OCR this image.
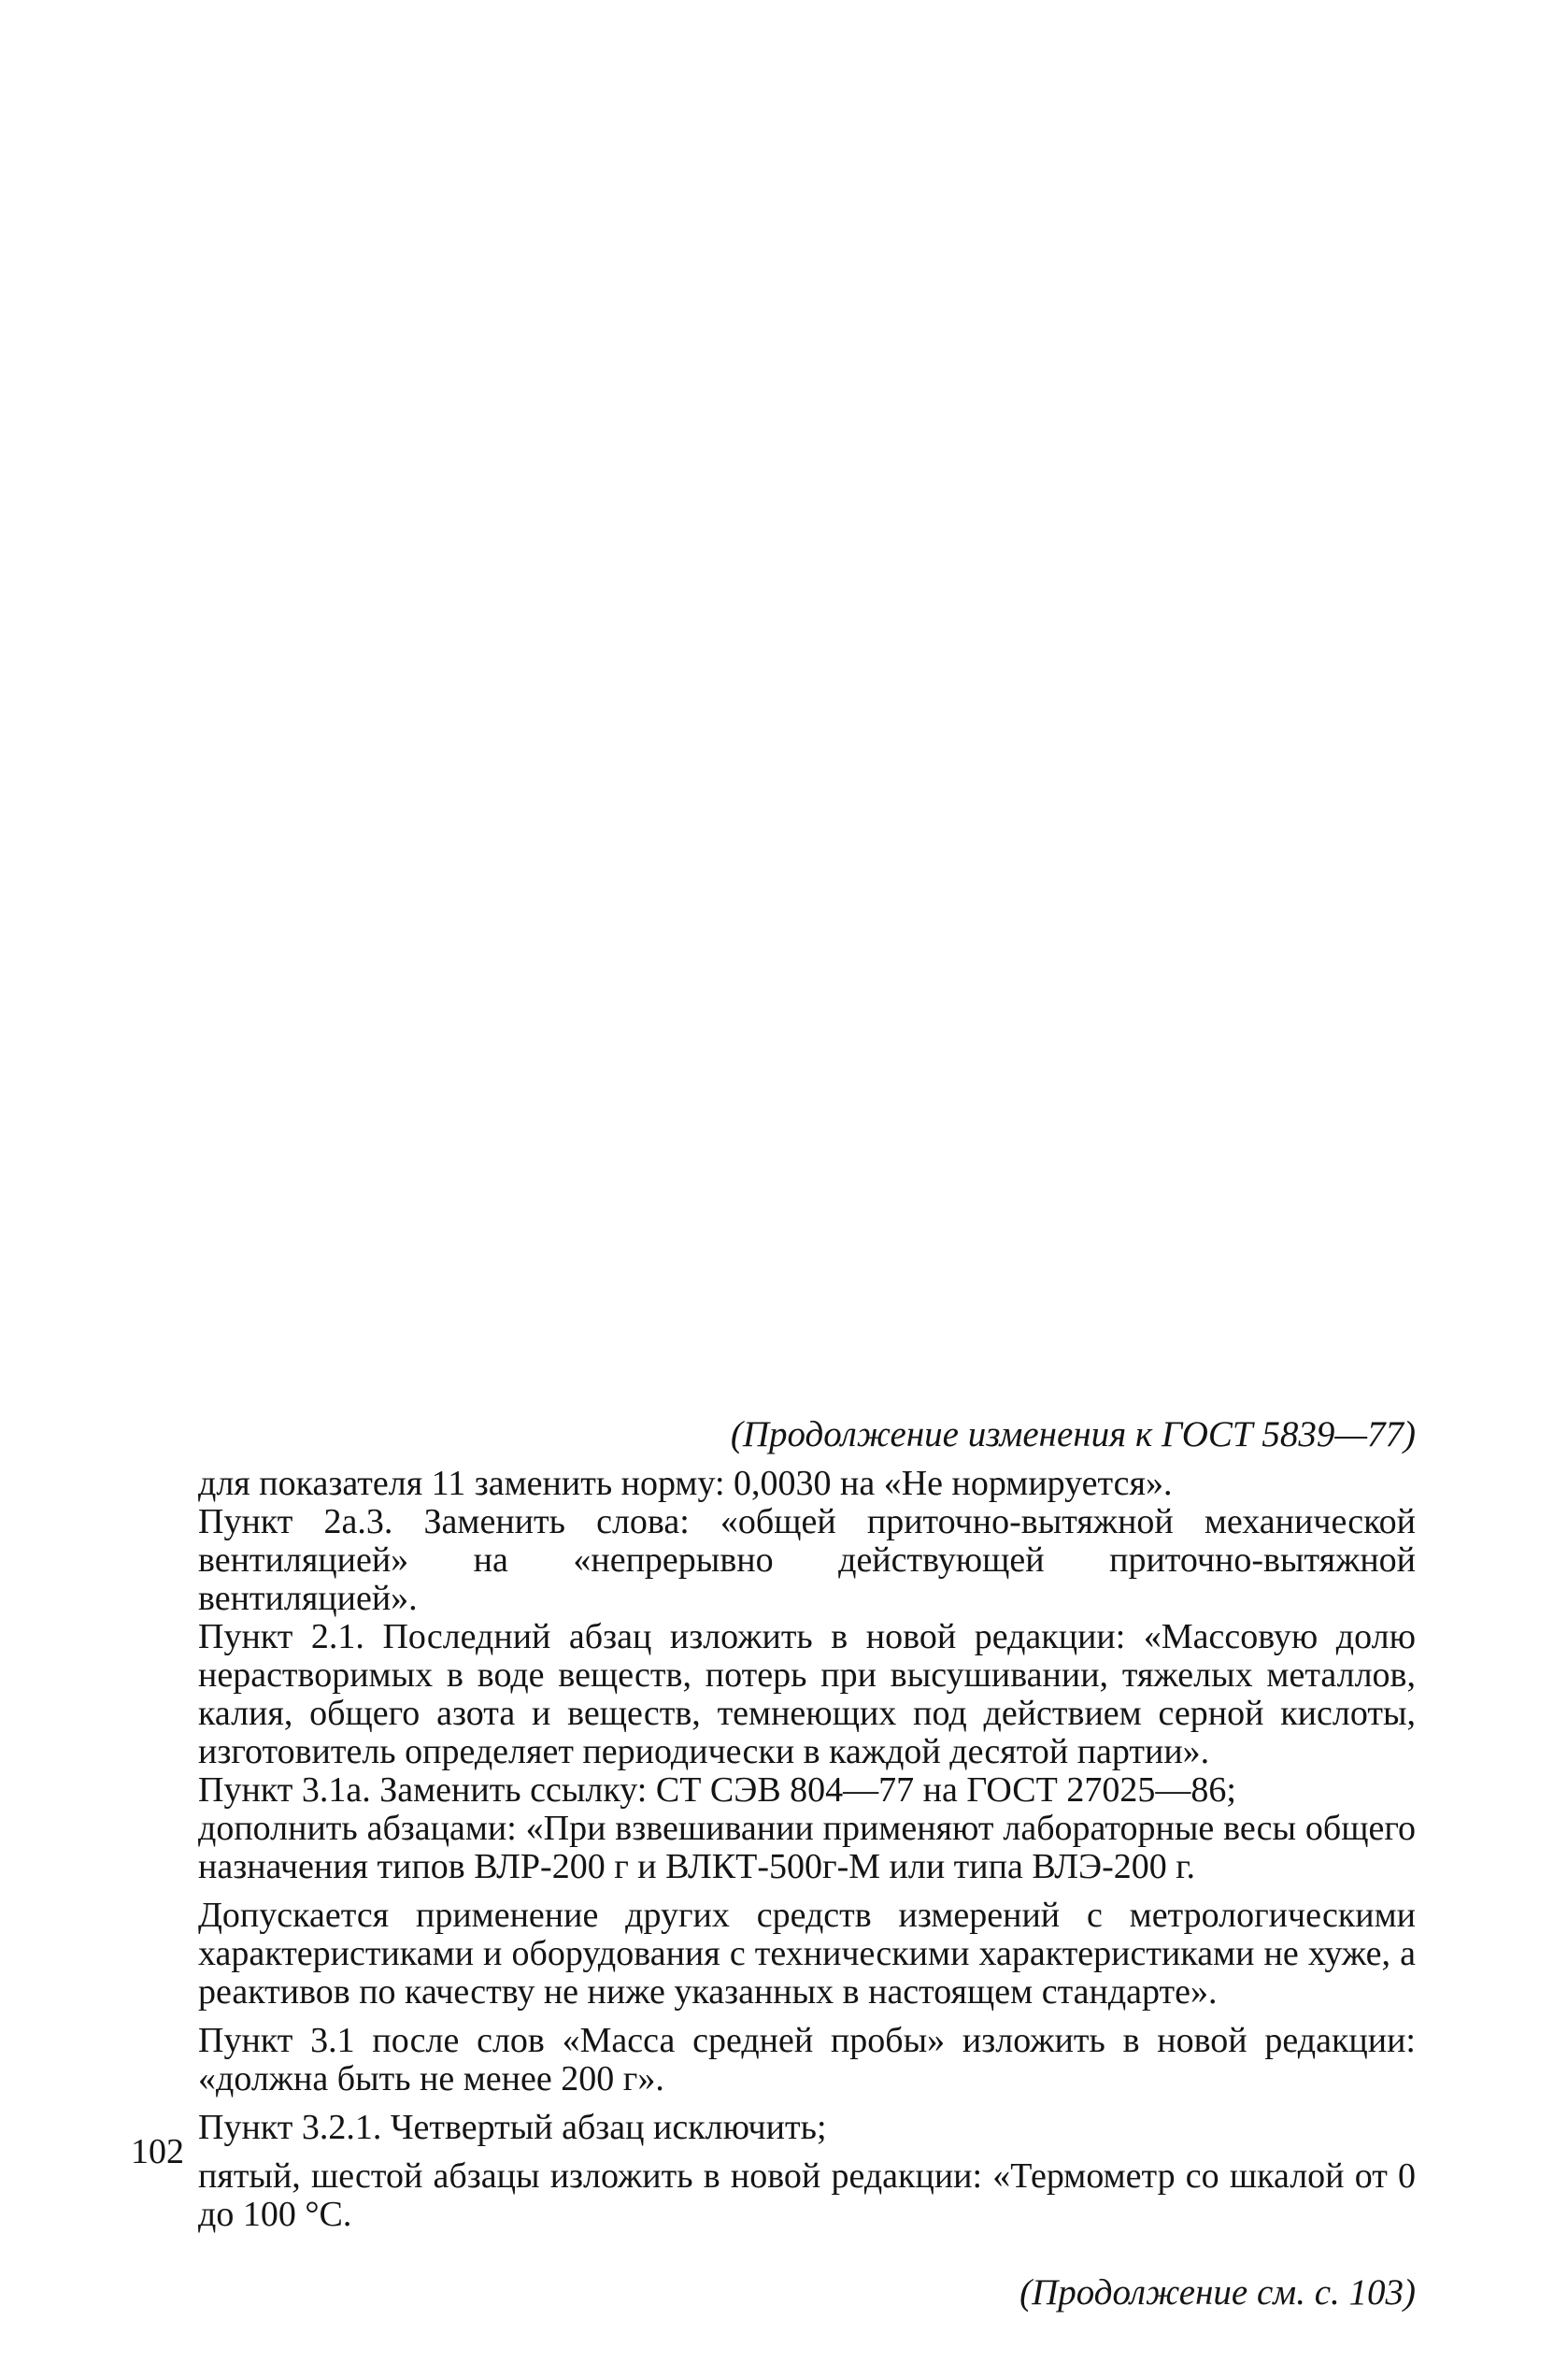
(Продолжение изменения к ГОСТ 5839—77)

для показателя 11 заменить норму: 0,0030 на «Не нормируется».

Пункт 2а.3. Заменить слова: «общей приточно-вытяжной механической вентиляцией» на «непрерывно действующей приточно-вытяжной вентиляцией».

Пункт 2.1. Последний абзац изложить в новой редакции: «Массовую долю нерастворимых в воде веществ, потерь при высушивании, тяжелых металлов, калия, общего азота и веществ, темнеющих под действием серной кислоты, изготовитель определяет периодически в каждой десятой партии».

Пункт 3.1а. Заменить ссылку: СТ СЭВ 804—77 на ГОСТ 27025—86;

дополнить абзацами: «При взвешивании применяют лабораторные весы общего назначения типов ВЛР-200 г и ВЛКТ-500г-М или типа ВЛЭ-200 г.

Допускается применение других средств измерений с метрологическими характеристиками и оборудования с техническими характеристиками не хуже, а реактивов по качеству не ниже указанных в настоящем стандарте».

Пункт 3.1 после слов «Масса средней пробы» изложить в новой редакции: «должна быть не менее 200 г».

Пункт 3.2.1. Четвертый абзац исключить;

пятый, шестой абзацы изложить в новой редакции: «Термометр со шкалой от 0 до 100 °С.

(Продолжение см. с. 103)
102
